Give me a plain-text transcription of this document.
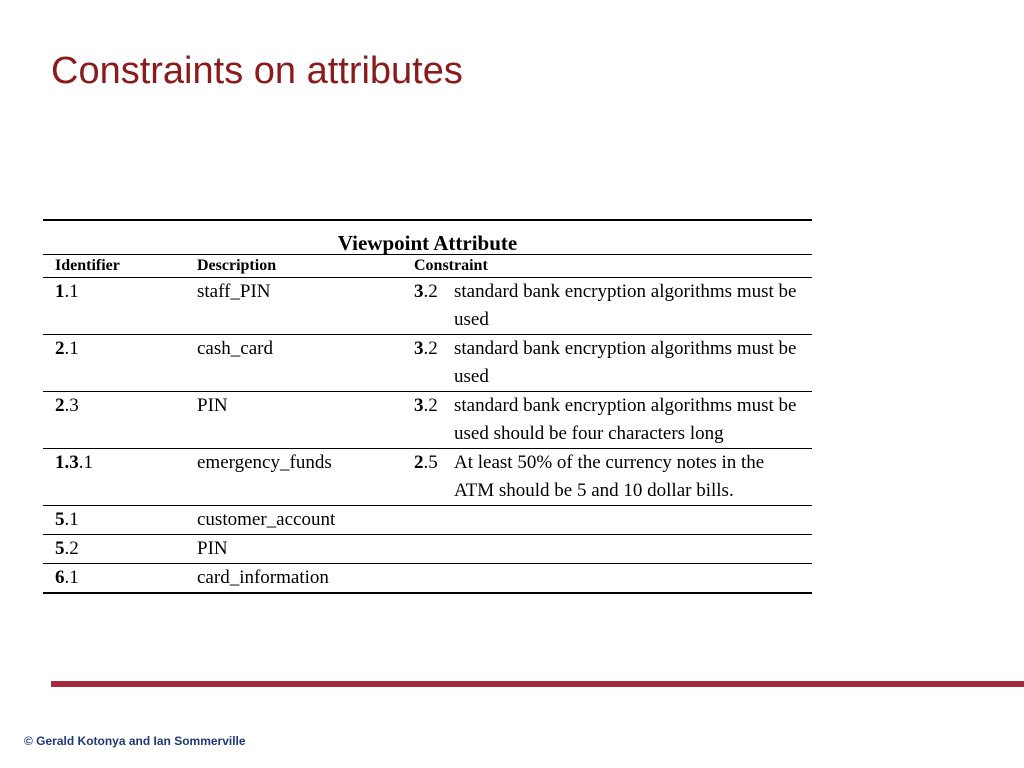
Constraints on attributes
Viewpoint Attribute
Identifier	Description	Constraint
1.1	staff_PIN	3.2 standard bank encryption algorithms must be used
2.1	cash_card	3.2 standard bank encryption algorithms must be used
2.3	PIN	3.2 standard bank encryption algorithms must be used should be four characters long
1.3.1	emergency_funds	2.5 At least 50% of the currency notes in the ATM should be 5 and 10 dollar bills.
5.1	customer_account
5.2	PIN
6.1	card_information
© Gerald Kotonya and Ian Sommerville
